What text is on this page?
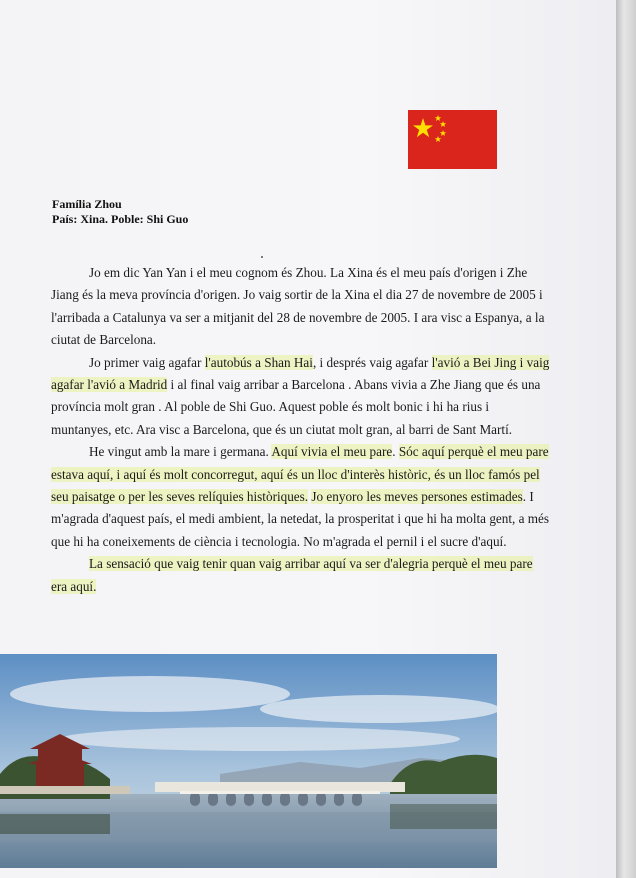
Família Zhou
País: Xina. Poble: Shi Guo

Jo em dic Yan Yan i el meu cognom és Zhou. La Xina és el meu país d'origen i Zhe Jiang és la meva província d'origen. Jo vaig sortir de la Xina el dia 27 de novembre de 2005 i l'arribada a Catalunya va ser a mitjanit del 28 de novembre de 2005. I ara visc a Espanya, a la ciutat de Barcelona.

Jo primer vaig agafar l'autobús a Shan Hai, i després vaig agafar l'avió a Bei Jing i vaig agafar l'avió a Madrid i al final vaig arribar a Barcelona . Abans vivia a Zhe Jiang que és una província molt gran . Al poble de Shi Guo. Aquest poble és molt bonic i hi ha rius i muntanyes, etc. Ara visc a Barcelona, que és un ciutat molt gran, al barri de Sant Martí.

He vingut amb la mare i germana. Aquí vivia el meu pare. Sóc aquí perquè el meu pare estava aquí, i aquí és molt concorregut, aquí és un lloc d'interès històric, és un lloc famós pel seu paisatge o per les seves relíquies històriques. Jo enyoro les meves persones estimades. I m'agrada d'aquest país, el medi ambient, la netedat, la prosperitat i que hi ha molta gent, a més que hi ha coneixements de ciència i tecnologia. No m'agrada el pernil i el sucre d'aquí.

La sensació que vaig tenir quan vaig arribar aquí va ser d'alegria perquè el meu pare era aquí.
